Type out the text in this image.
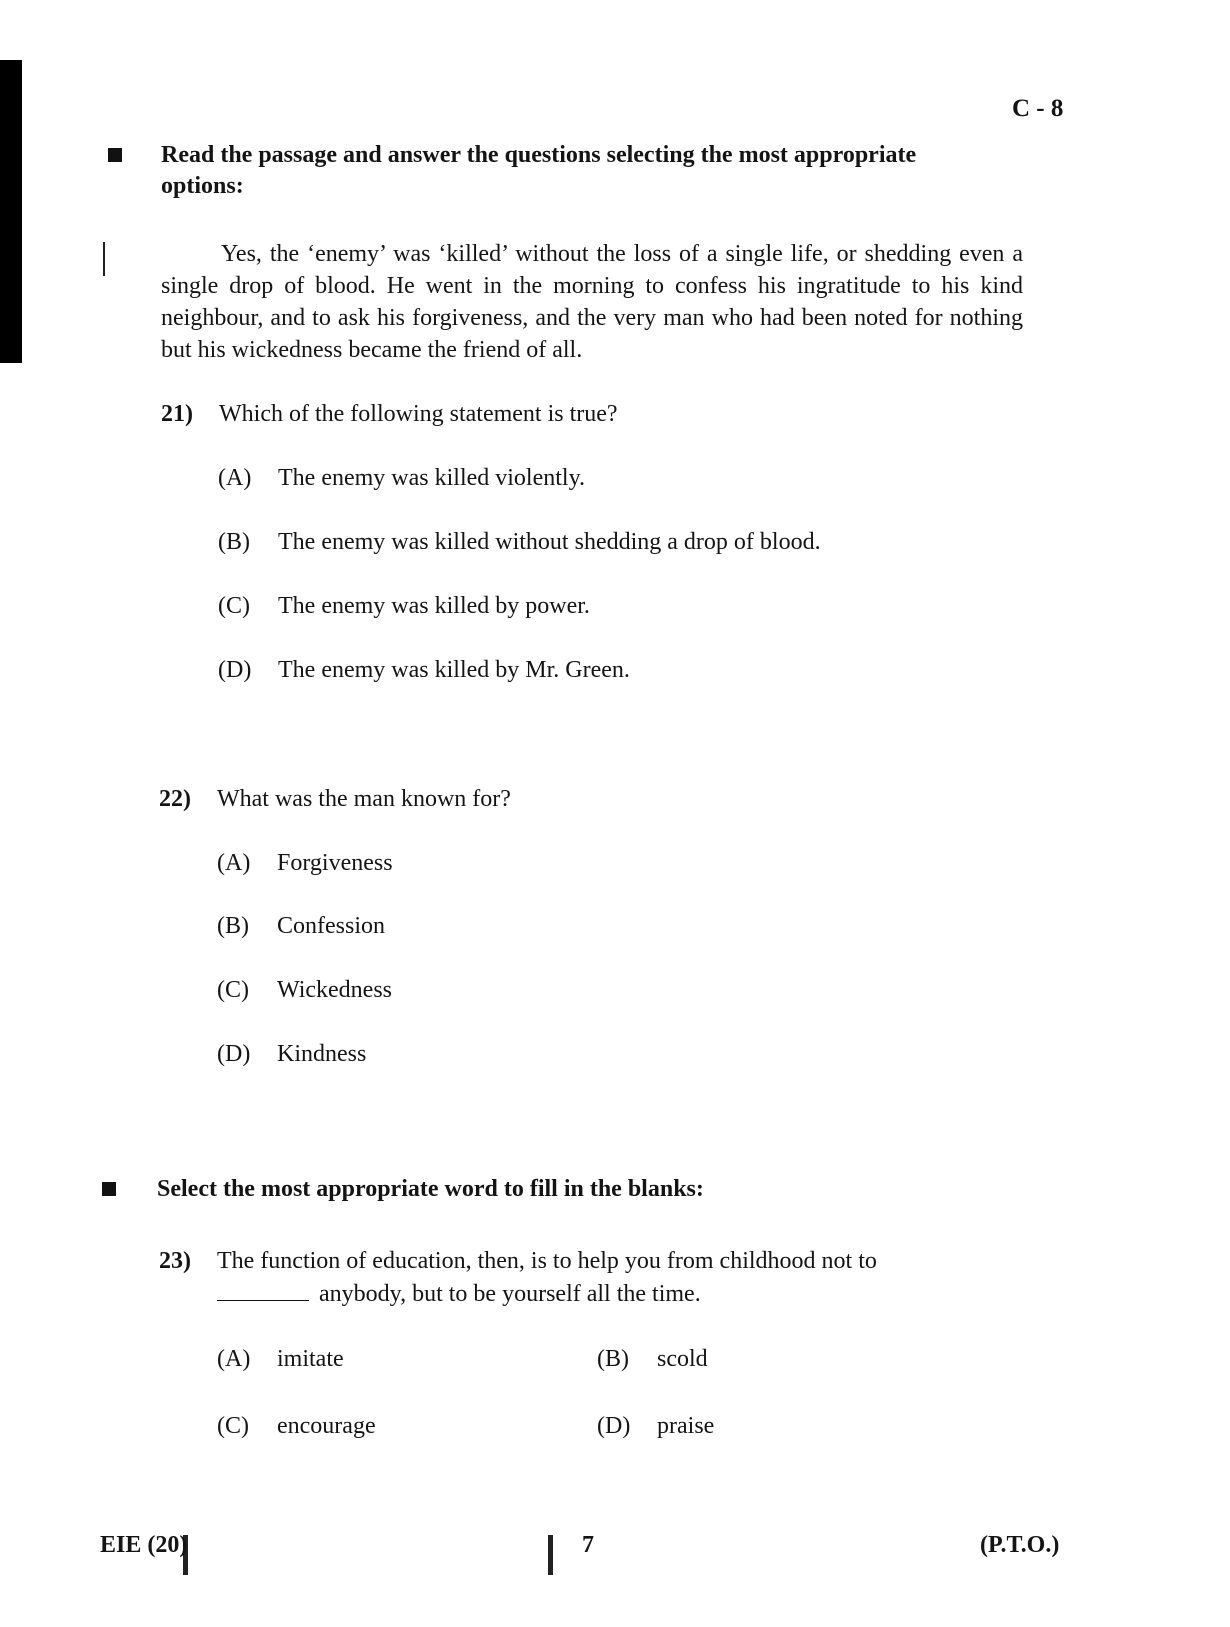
C - 8
Read the passage and answer the questions selecting the most appropriate
options:

Yes, the ‘enemy’ was ‘killed’ without the loss of a single life, or shedding even a single drop of blood. He went in the morning to confess his ingratitude to his kind neighbour, and to ask his forgiveness, and the very man who had been noted for nothing but his wickedness became the friend of all.

21) Which of the following statement is true?
(A) The enemy was killed violently.
(B) The enemy was killed without shedding a drop of blood.
(C) The enemy was killed by power.
(D) The enemy was killed by Mr. Green.
22) What was the man known for?
(A) Forgiveness
(B) Confession
(C) Wickedness
(D) Kindness
Select the most appropriate word to fill in the blanks:
23) The function of education, then, is to help you from childhood not to
anybody, but to be yourself all the time.
(A) imitate	(B) scold
(C) encourage	(D) praise
EIE (20)	7	(P.T.O.)
